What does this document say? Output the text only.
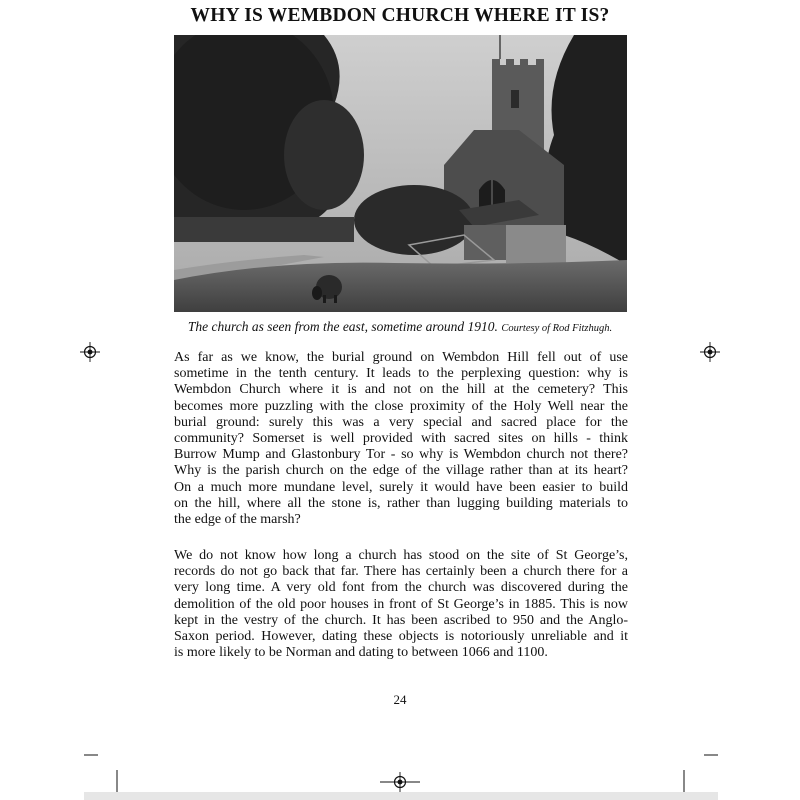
WHY IS WEMBDON CHURCH WHERE IT IS?
The church as seen from the east, sometime around 1910. Courtesy of Rod Fitzhugh.
As far as we know, the burial ground on Wembdon Hill fell out of use
sometime in the tenth century. It leads to the perplexing question: why is
Wembdon Church where it is and not on the hill at the cemetery? This
becomes more puzzling with the close proximity of the Holy Well near the
burial ground: surely this was a very special and sacred place for the
community? Somerset is well provided with sacred sites on hills - think
Burrow Mump and Glastonbury Tor - so why is Wembdon church not there?
Why is the parish church on the edge of the village rather than at its heart?
On a much more mundane level, surely it would have been easier to build
on the hill, where all the stone is, rather than lugging building materials to
the edge of the marsh?
We do not know how long a church has stood on the site of St George’s,
records do not go back that far. There has certainly been a church there for a
very long time. A very old font from the church was discovered during the
demolition of the old poor houses in front of St George’s in 1885. This is now
kept in the vestry of the church. It has been ascribed to 950 and the Anglo-
Saxon period. However, dating these objects is notoriously unreliable and it
is more likely to be Norman and dating to between 1066 and 1100.
24
